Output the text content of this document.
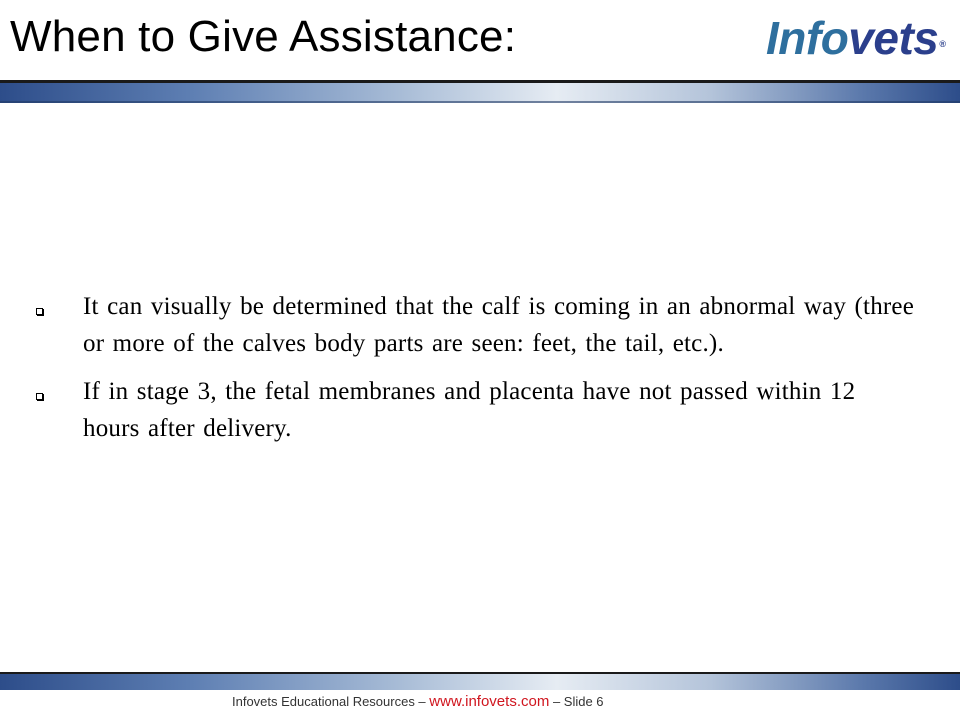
When to Give Assistance:	Infovets®
It can visually be determined that the calf is coming in an abnormal way (three or more of the calves body parts are seen: feet, the tail, etc.).
If in stage 3, the fetal membranes and placenta have not passed within 12 hours after delivery.
Infovets Educational Resources – www.infovets.com – Slide 6
